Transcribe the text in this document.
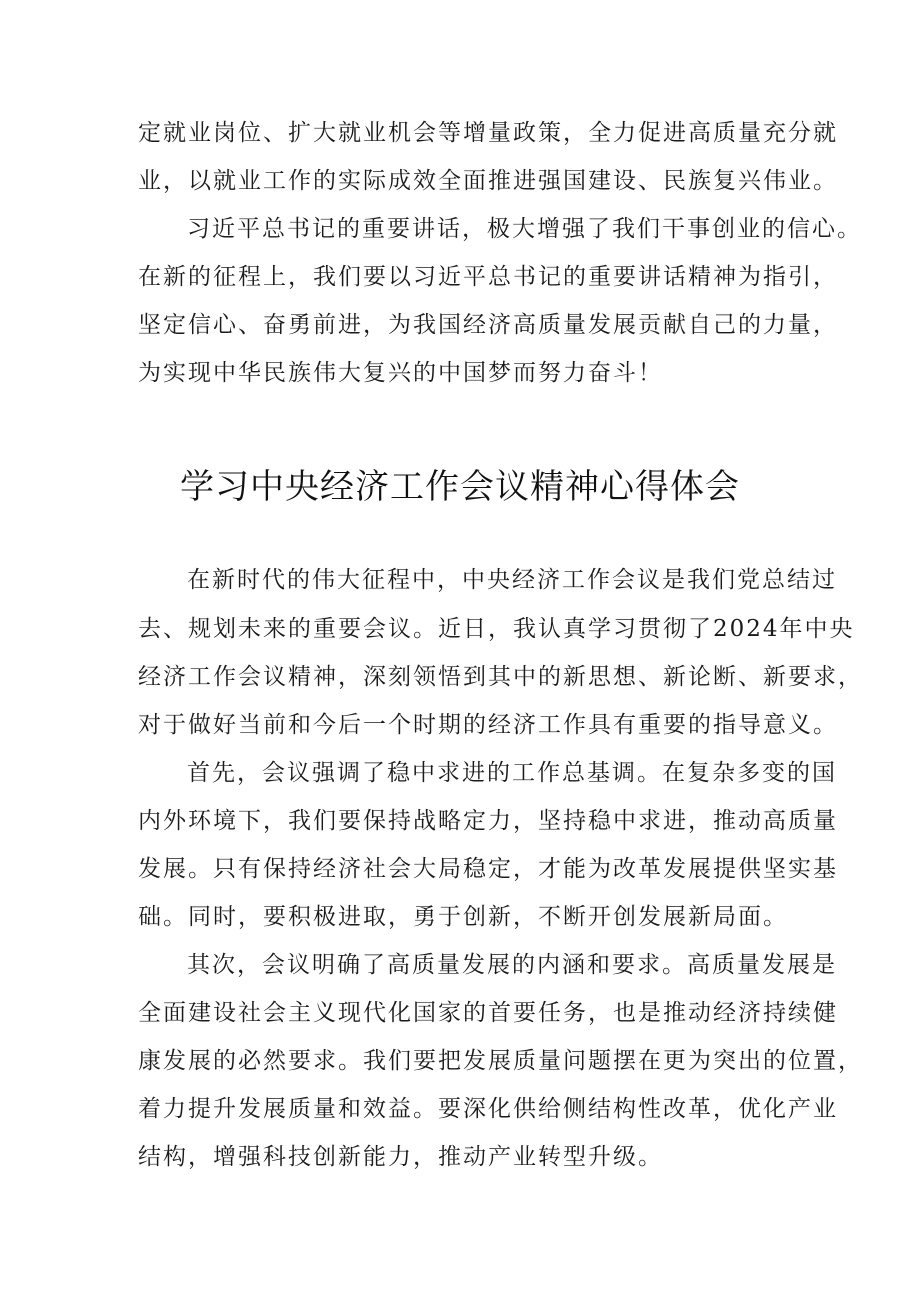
定就业岗位、扩大就业机会等增量政策，全力促进高质量充分就

业，以就业工作的实际成效全面推进强国建设、民族复兴伟业。

习近平总书记的重要讲话，极大增强了我们干事创业的信心。

在新的征程上，我们要以习近平总书记的重要讲话精神为指引，

坚定信心、奋勇前进，为我国经济高质量发展贡献自己的力量，

为实现中华民族伟大复兴的中国梦而努力奋斗！

学习中央经济工作会议精神心得体会

在新时代的伟大征程中，中央经济工作会议是我们党总结过

去、规划未来的重要会议。近日，我认真学习贯彻了2024年中央

经济工作会议精神，深刻领悟到其中的新思想、新论断、新要求，

对于做好当前和今后一个时期的经济工作具有重要的指导意义。

首先，会议强调了稳中求进的工作总基调。在复杂多变的国

内外环境下，我们要保持战略定力，坚持稳中求进，推动高质量

发展。只有保持经济社会大局稳定，才能为改革发展提供坚实基

础。同时，要积极进取，勇于创新，不断开创发展新局面。

其次，会议明确了高质量发展的内涵和要求。高质量发展是

全面建设社会主义现代化国家的首要任务，也是推动经济持续健

康发展的必然要求。我们要把发展质量问题摆在更为突出的位置，

着力提升发展质量和效益。要深化供给侧结构性改革，优化产业

结构，增强科技创新能力，推动产业转型升级。
